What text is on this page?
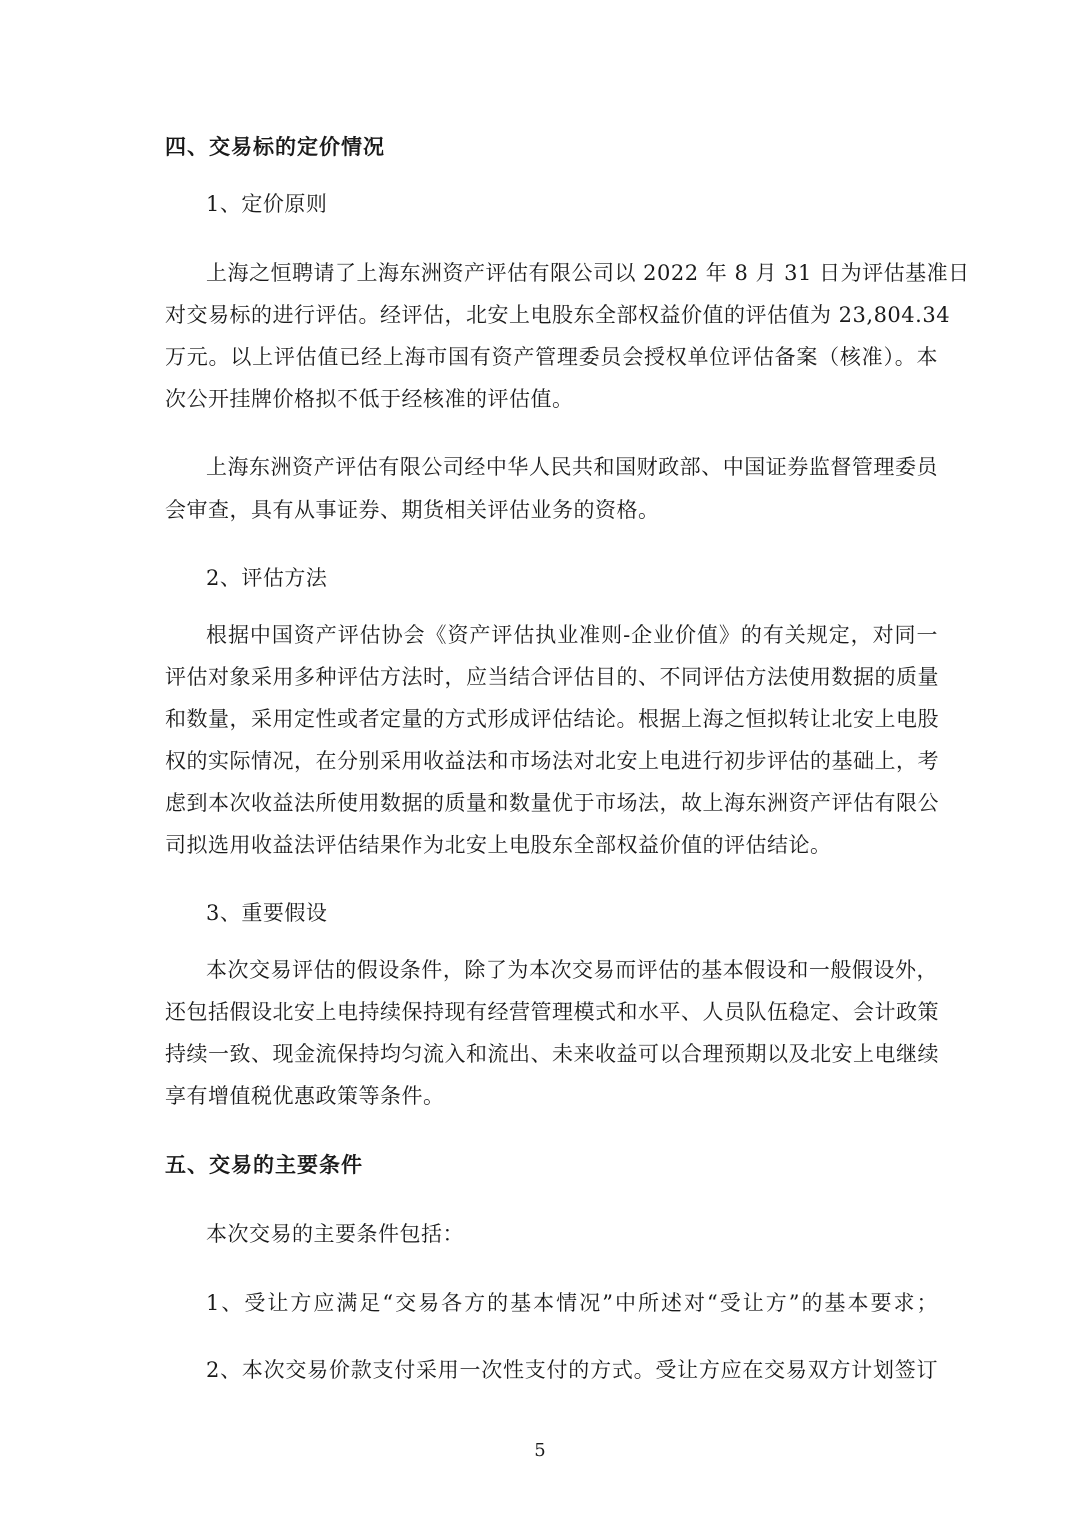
四、交易标的定价情况
1、定价原则
上海之恒聘请了上海东洲资产评估有限公司以 2022 年 8 月 31 日为评估基准日
对交易标的进行评估。经评估，北安上电股东全部权益价值的评估值为 23,804.34
万元。以上评估值已经上海市国有资产管理委员会授权单位评估备案（核准）。本
次公开挂牌价格拟不低于经核准的评估值。
上海东洲资产评估有限公司经中华人民共和国财政部、中国证券监督管理委员
会审查，具有从事证券、期货相关评估业务的资格。
2、评估方法
根据中国资产评估协会《资产评估执业准则-企业价值》的有关规定，对同一
评估对象采用多种评估方法时，应当结合评估目的、不同评估方法使用数据的质量
和数量，采用定性或者定量的方式形成评估结论。根据上海之恒拟转让北安上电股
权的实际情况，在分别采用收益法和市场法对北安上电进行初步评估的基础上，考
虑到本次收益法所使用数据的质量和数量优于市场法，故上海东洲资产评估有限公
司拟选用收益法评估结果作为北安上电股东全部权益价值的评估结论。
3、重要假设
本次交易评估的假设条件，除了为本次交易而评估的基本假设和一般假设外，
还包括假设北安上电持续保持现有经营管理模式和水平、人员队伍稳定、会计政策
持续一致、现金流保持均匀流入和流出、未来收益可以合理预期以及北安上电继续
享有增值税优惠政策等条件。
五、交易的主要条件
本次交易的主要条件包括：
1、受让方应满足“交易各方的基本情况”中所述对“受让方”的基本要求；
2、本次交易价款支付采用一次性支付的方式。受让方应在交易双方计划签订
5
